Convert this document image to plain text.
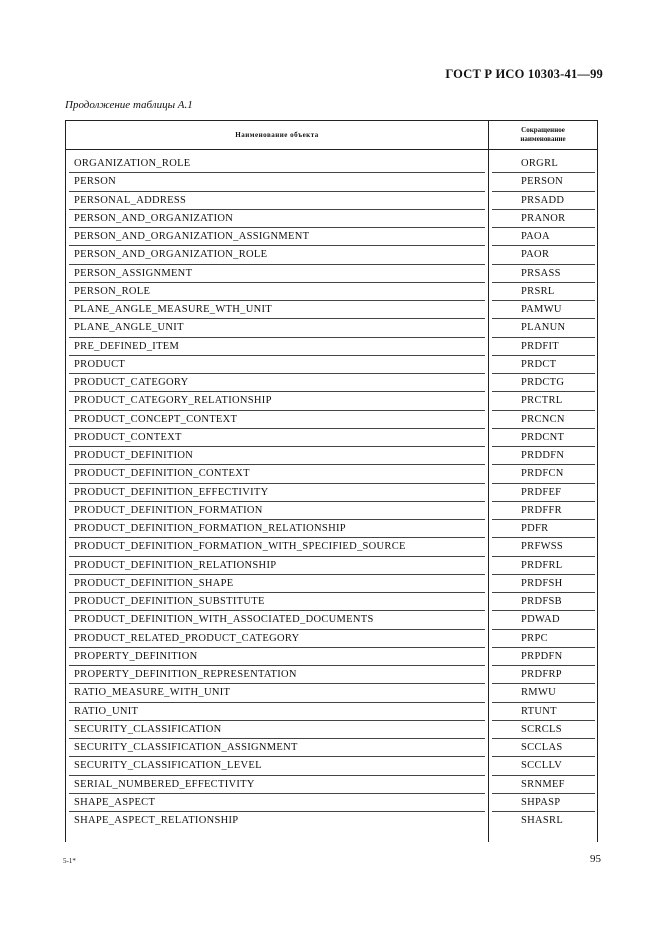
ГОСТ Р ИСО 10303-41—99
Продолжение таблицы А.1
Наименование объекта
Сокращенное
наименование
ORGANIZATION_ROLE	ORGRL
PERSON	PERSON
PERSONAL_ADDRESS	PRSADD
PERSON_AND_ORGANIZATION	PRANOR
PERSON_AND_ORGANIZATION_ASSIGNMENT	PAOA
PERSON_AND_ORGANIZATION_ROLE	PAOR
PERSON_ASSIGNMENT	PRSASS
PERSON_ROLE	PRSRL
PLANE_ANGLE_MEASURE_WTH_UNIT	PAMWU
PLANE_ANGLE_UNIT	PLANUN
PRE_DEFINED_ITEM	PRDFIT
PRODUCT	PRDCT
PRODUCT_CATEGORY	PRDCTG
PRODUCT_CATEGORY_RELATIONSHIP	PRCTRL
PRODUCT_CONCEPT_CONTEXT	PRCNCN
PRODUCT_CONTEXT	PRDCNT
PRODUCT_DEFINITION	PRDDFN
PRODUCT_DEFINITION_CONTEXT	PRDFCN
PRODUCT_DEFINITION_EFFECTIVITY	PRDFEF
PRODUCT_DEFINITION_FORMATION	PRDFFR
PRODUCT_DEFINITION_FORMATION_RELATIONSHIP	PDFR
PRODUCT_DEFINITION_FORMATION_WITH_SPECIFIED_SOURCE	PRFWSS
PRODUCT_DEFINITION_RELATIONSHIP	PRDFRL
PRODUCT_DEFINITION_SHAPE	PRDFSH
PRODUCT_DEFINITION_SUBSTITUTE	PRDFSB
PRODUCT_DEFINITION_WITH_ASSOCIATED_DOCUMENTS	PDWAD
PRODUCT_RELATED_PRODUCT_CATEGORY	PRPC
PROPERTY_DEFINITION	PRPDFN
PROPERTY_DEFINITION_REPRESENTATION	PRDFRP
RATIO_MEASURE_WITH_UNIT	RMWU
RATIO_UNIT	RTUNT
SECURITY_CLASSIFICATION	SCRCLS
SECURITY_CLASSIFICATION_ASSIGNMENT	SCCLAS
SECURITY_CLASSIFICATION_LEVEL	SCCLLV
SERIAL_NUMBERED_EFFECTIVITY	SRNMEF
SHAPE_ASPECT	SHPASP
SHAPE_ASPECT_RELATIONSHIP	SHASRL
5-1*	95
